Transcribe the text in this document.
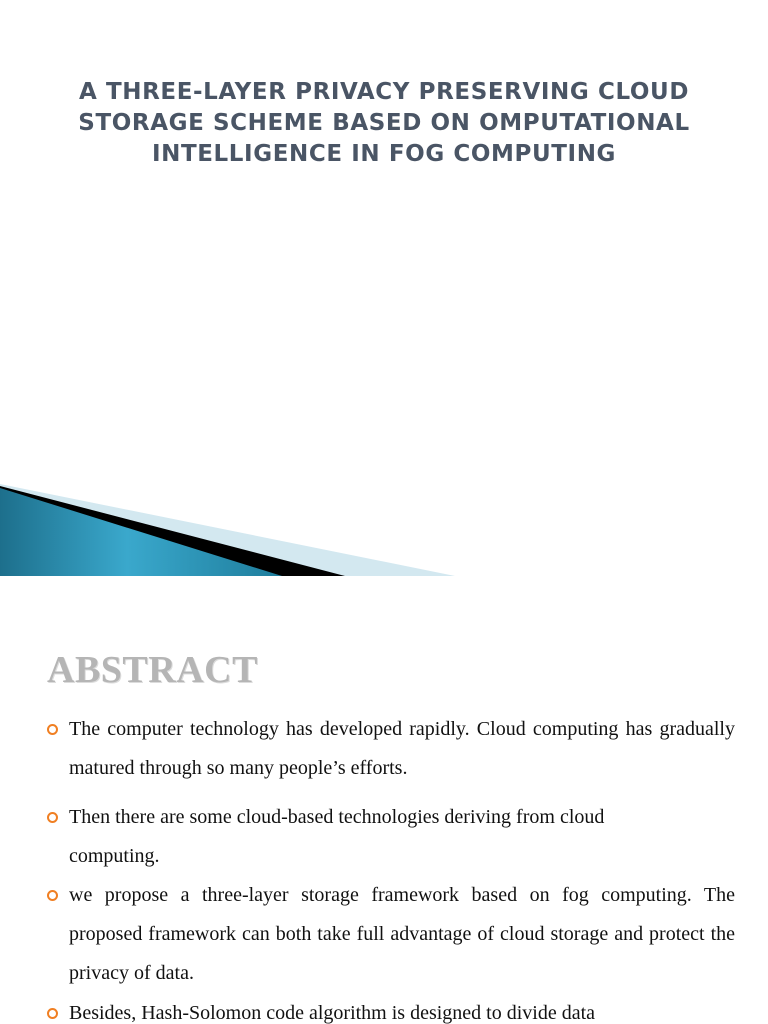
A THREE-LAYER PRIVACY PRESERVING CLOUD
STORAGE SCHEME BASED ON OMPUTATIONAL
INTELLIGENCE IN FOG COMPUTING
ABSTRACT

The computer technology has developed rapidly. Cloud computing has gradually matured through so many people’s efforts.

Then there are some cloud-based technologies deriving from cloud computing.

we propose a three-layer storage framework based on fog computing. The proposed framework can both take full advantage of cloud storage and protect the privacy of data.

Besides, Hash-Solomon code algorithm is designed to divide data
